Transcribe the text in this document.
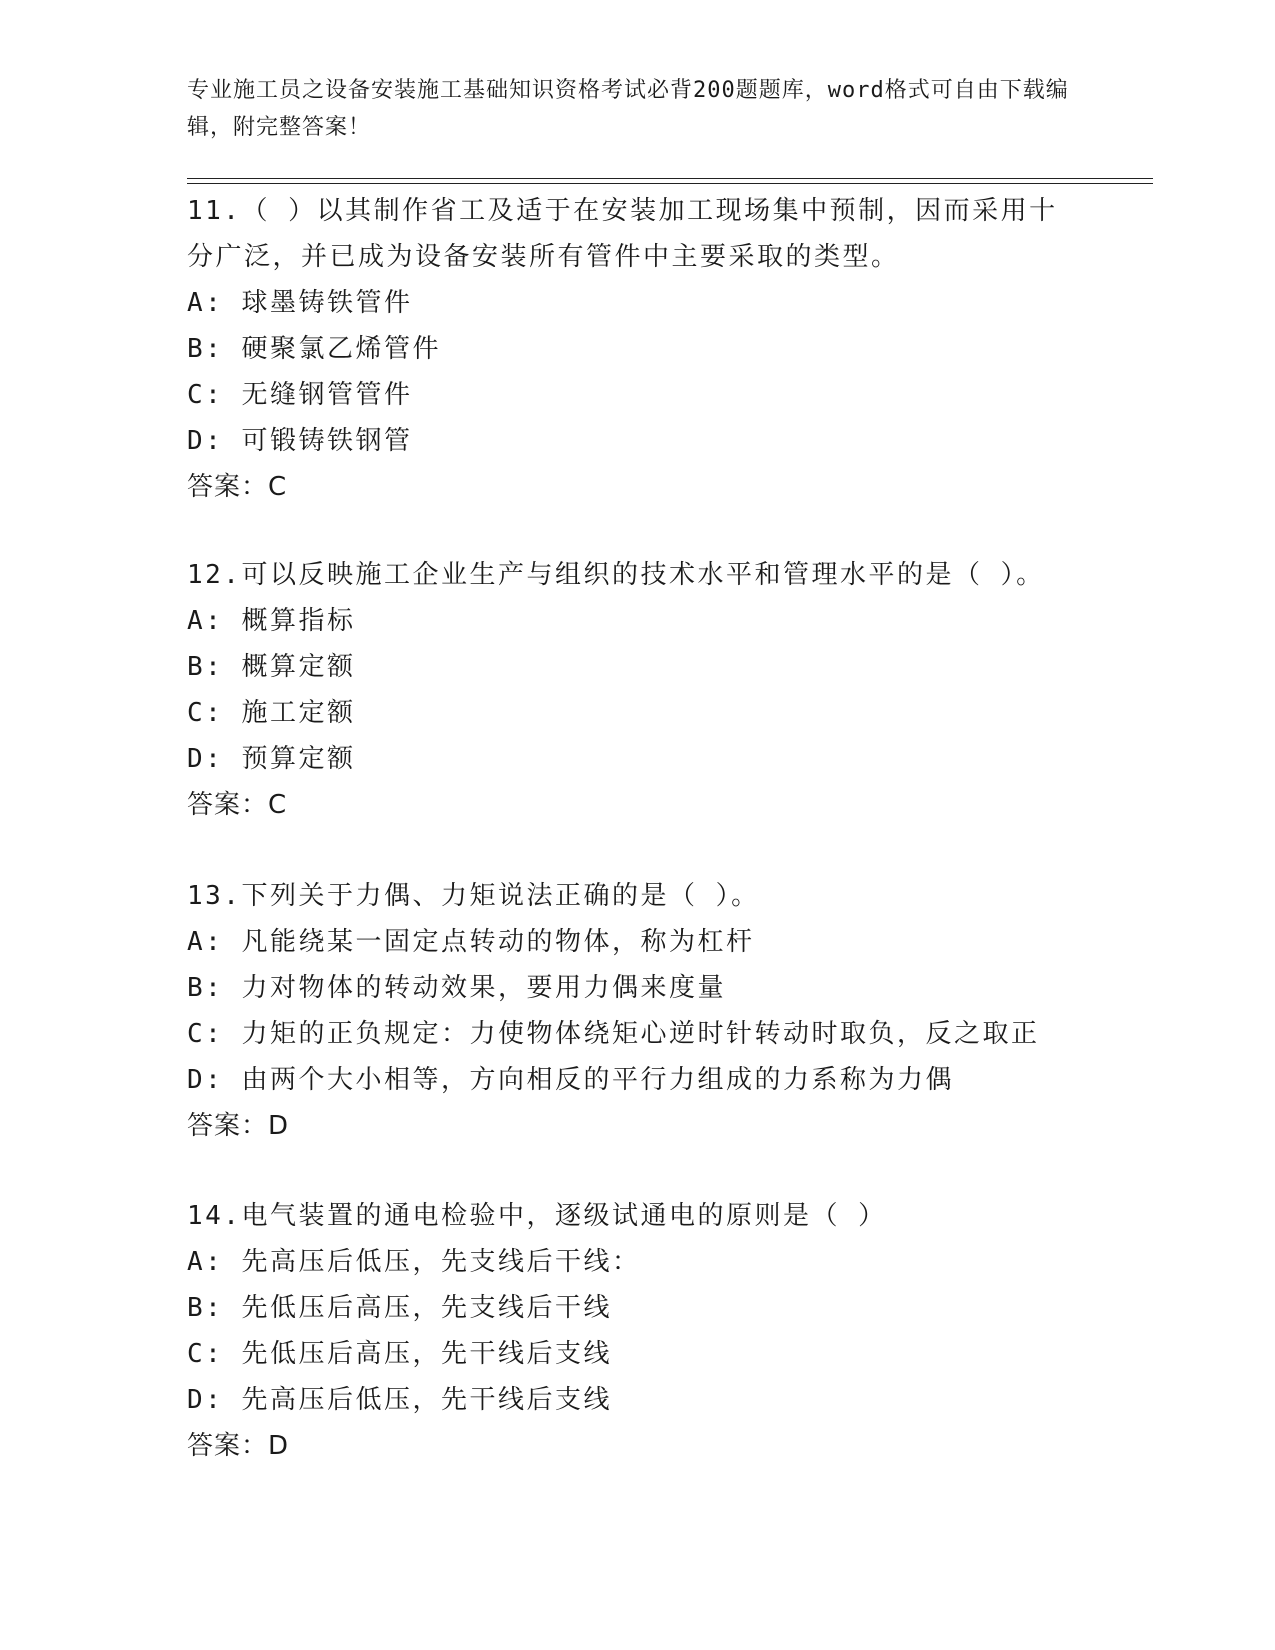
专业施工员之设备安装施工基础知识资格考试必背200题题库，word格式可自由下载编辑，附完整答案！
11.（ ）以其制作省工及适于在安装加工现场集中预制，因而采用十分广泛，并已成为设备安装所有管件中主要采取的类型。
A: 球墨铸铁管件
B: 硬聚氯乙烯管件
C: 无缝钢管管件
D: 可锻铸铁钢管
答案：C
12.可以反映施工企业生产与组织的技术水平和管理水平的是（ ）。
A: 概算指标
B: 概算定额
C: 施工定额
D: 预算定额
答案：C
13.下列关于力偶、力矩说法正确的是（ ）。
A: 凡能绕某一固定点转动的物体，称为杠杆
B: 力对物体的转动效果，要用力偶来度量
C: 力矩的正负规定：力使物体绕矩心逆时针转动时取负，反之取正
D: 由两个大小相等，方向相反的平行力组成的力系称为力偶
答案：D
14.电气装置的通电检验中，逐级试通电的原则是（ ）
A: 先高压后低压，先支线后干线：
B: 先低压后高压，先支线后干线
C: 先低压后高压，先干线后支线
D: 先高压后低压，先干线后支线
答案：D
